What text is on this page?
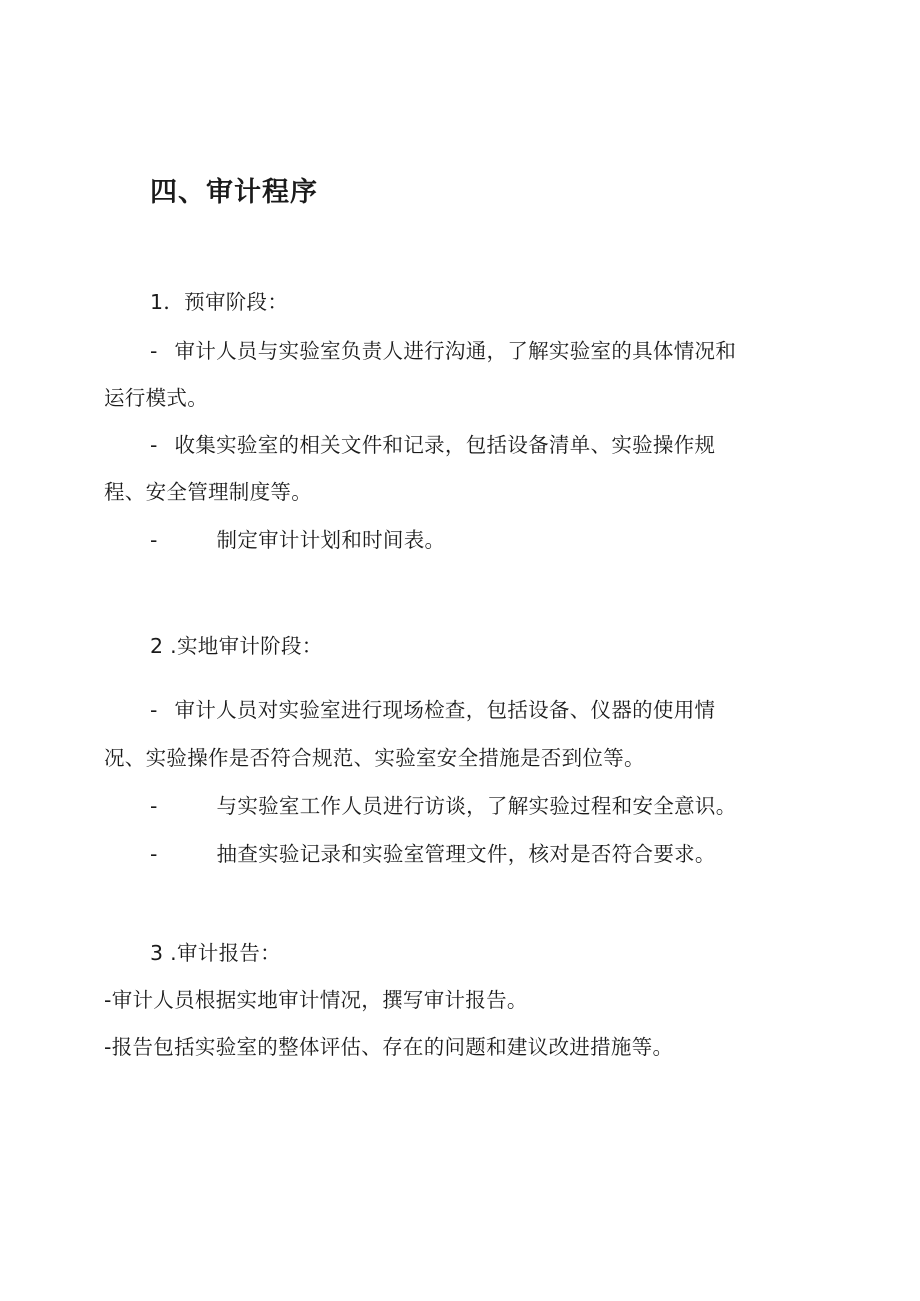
四、审计程序
1．预审阶段：
- 审计人员与实验室负责人进行沟通，了解实验室的具体情况和
运行模式。
- 收集实验室的相关文件和记录，包括设备清单、实验操作规
程、安全管理制度等。
-	制定审计计划和时间表。
2 .实地审计阶段：
- 审计人员对实验室进行现场检查，包括设备、仪器的使用情
况、实验操作是否符合规范、实验室安全措施是否到位等。
-	与实验室工作人员进行访谈，了解实验过程和安全意识。
-	抽查实验记录和实验室管理文件，核对是否符合要求。
3 .审计报告：
-审计人员根据实地审计情况，撰写审计报告。
-报告包括实验室的整体评估、存在的问题和建议改进措施等。
